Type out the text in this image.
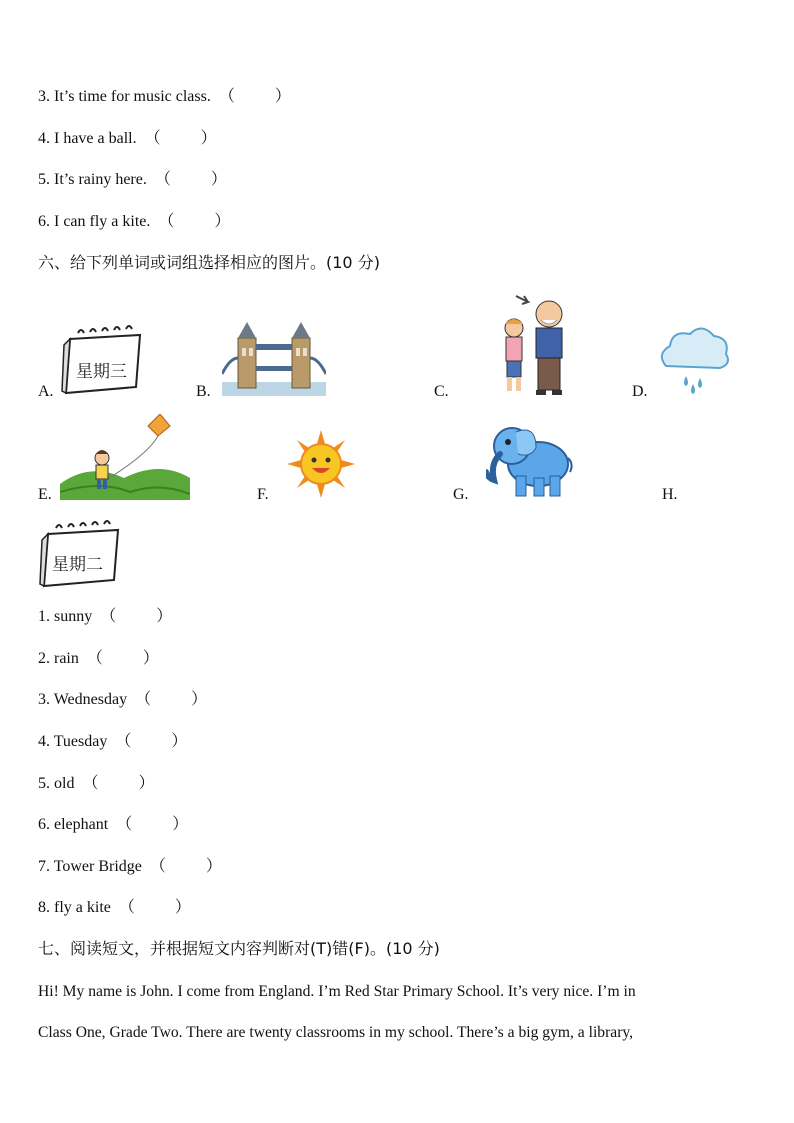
3. It’s time for music class.  （          ）
4. I have a ball.  （          ）
5. It’s rainy here.  （          ）
6. I can fly a kite.  （          ）
六、给下列单词或词组选择相应的图片。(10 分)
A.
星期三
B.	C.	D.
E.	F.	G.	H.
星期二
1. sunny  （          ）
2. rain  （          ）
3. Wednesday  （          ）
4. Tuesday  （          ）
5. old  （          ）
6. elephant  （          ）
7. Tower Bridge  （          ）
8. fly a kite  （          ）
七、阅读短文，并根据短文内容判断对(T)错(F)。(10 分)
Hi! My name is John. I come from England. I’m Red Star Primary School. It’s very nice. I’m in
Class One, Grade Two. There are twenty classrooms in my school. There’s a big gym, a library,
